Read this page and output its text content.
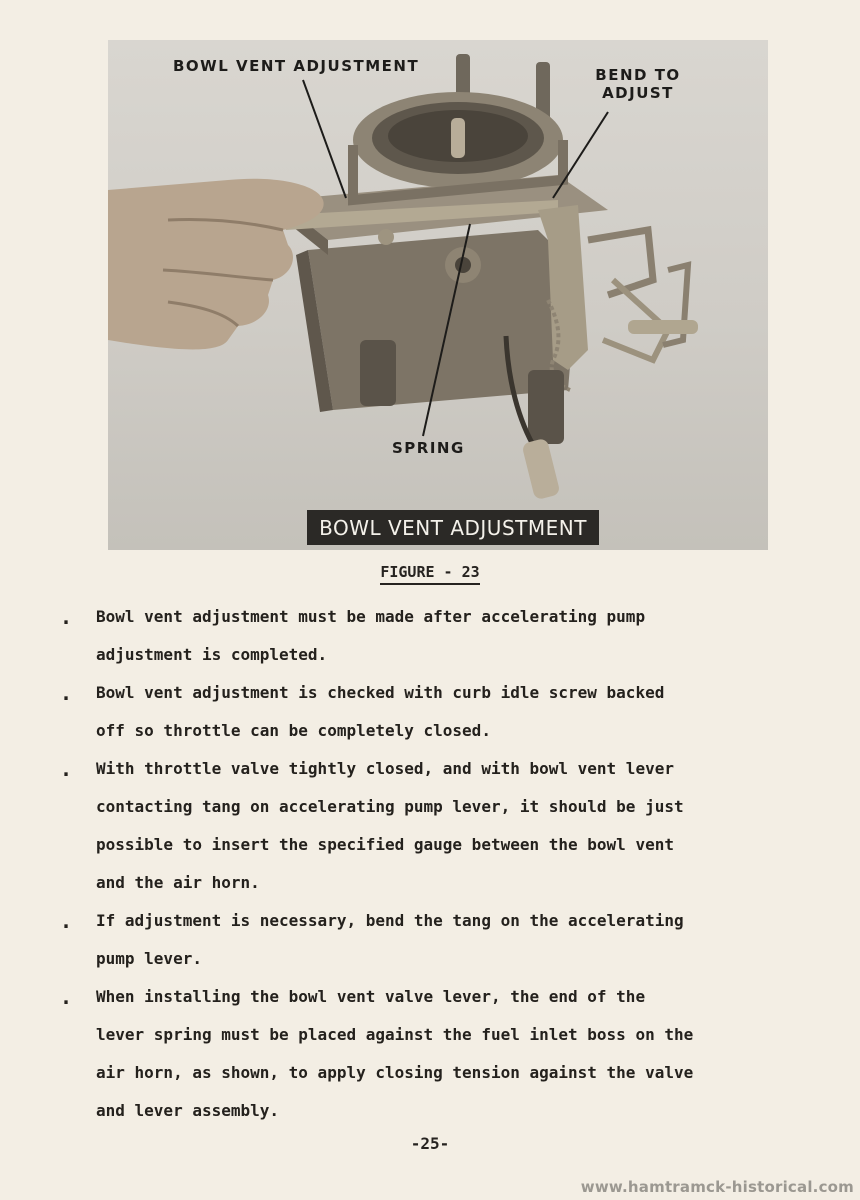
BOWL VENT ADJUSTMENT	BEND TO
ADJUST
SPRING
BOWL VENT ADJUSTMENT
FIGURE - 23
. Bowl vent adjustment must be made after accelerating pump
adjustment is completed.
. Bowl vent adjustment is checked with curb idle screw backed
off so throttle can be completely closed.
. With throttle valve tightly closed, and with bowl vent lever
contacting tang on accelerating pump lever, it should be just
possible to insert the specified gauge between the bowl vent
and the air horn.
. If adjustment is necessary, bend the tang on the accelerating
pump lever.
. When installing the bowl vent valve lever, the end of the
lever spring must be placed against the fuel inlet boss on the
air horn, as shown, to apply closing tension against the valve
and lever assembly.
-25-
www.hamtramck-historical.com
